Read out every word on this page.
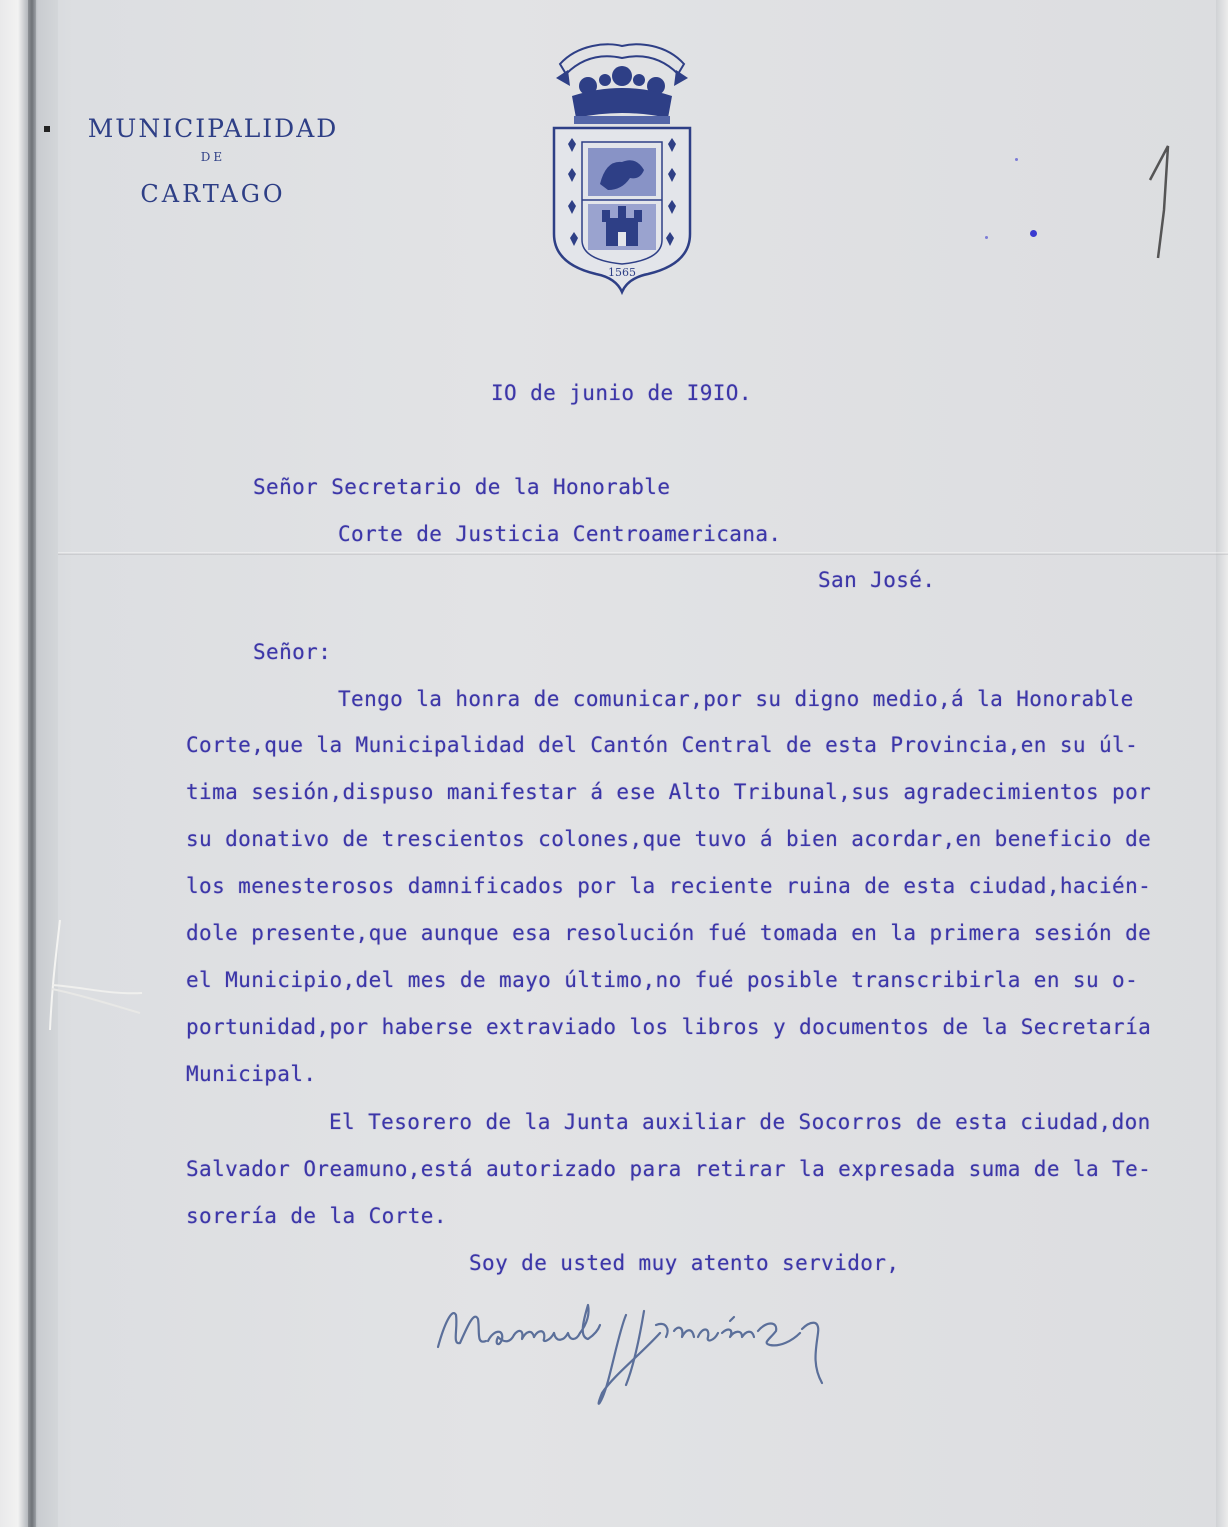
MUNICIPALIDAD
DE
CARTAGO
1565
IO de junio de I9IO.
Señor Secretario de la Honorable
Corte de Justicia Centroamericana.
San José.
Señor:
Tengo la honra de comunicar,por su digno medio,á la Honorable
Corte,que la Municipalidad del Cantón Central de esta Provincia,en su úl-
tima sesión,dispuso manifestar á ese Alto Tribunal,sus agradecimientos por
su donativo de trescientos colones,que tuvo á bien acordar,en beneficio de
los menesterosos damnificados por la reciente ruina de esta ciudad,hacién-
dole presente,que aunque esa resolución fué tomada en la primera sesión de
el Municipio,del mes de mayo último,no fué posible transcribirla en su o-
portunidad,por haberse extraviado los libros y documentos de la Secretaría
Municipal.
El Tesorero de la Junta auxiliar de Socorros de esta ciudad,don
Salvador Oreamuno,está autorizado para retirar la expresada suma de la Te-
sorería de la Corte.
Soy de usted muy atento servidor,
